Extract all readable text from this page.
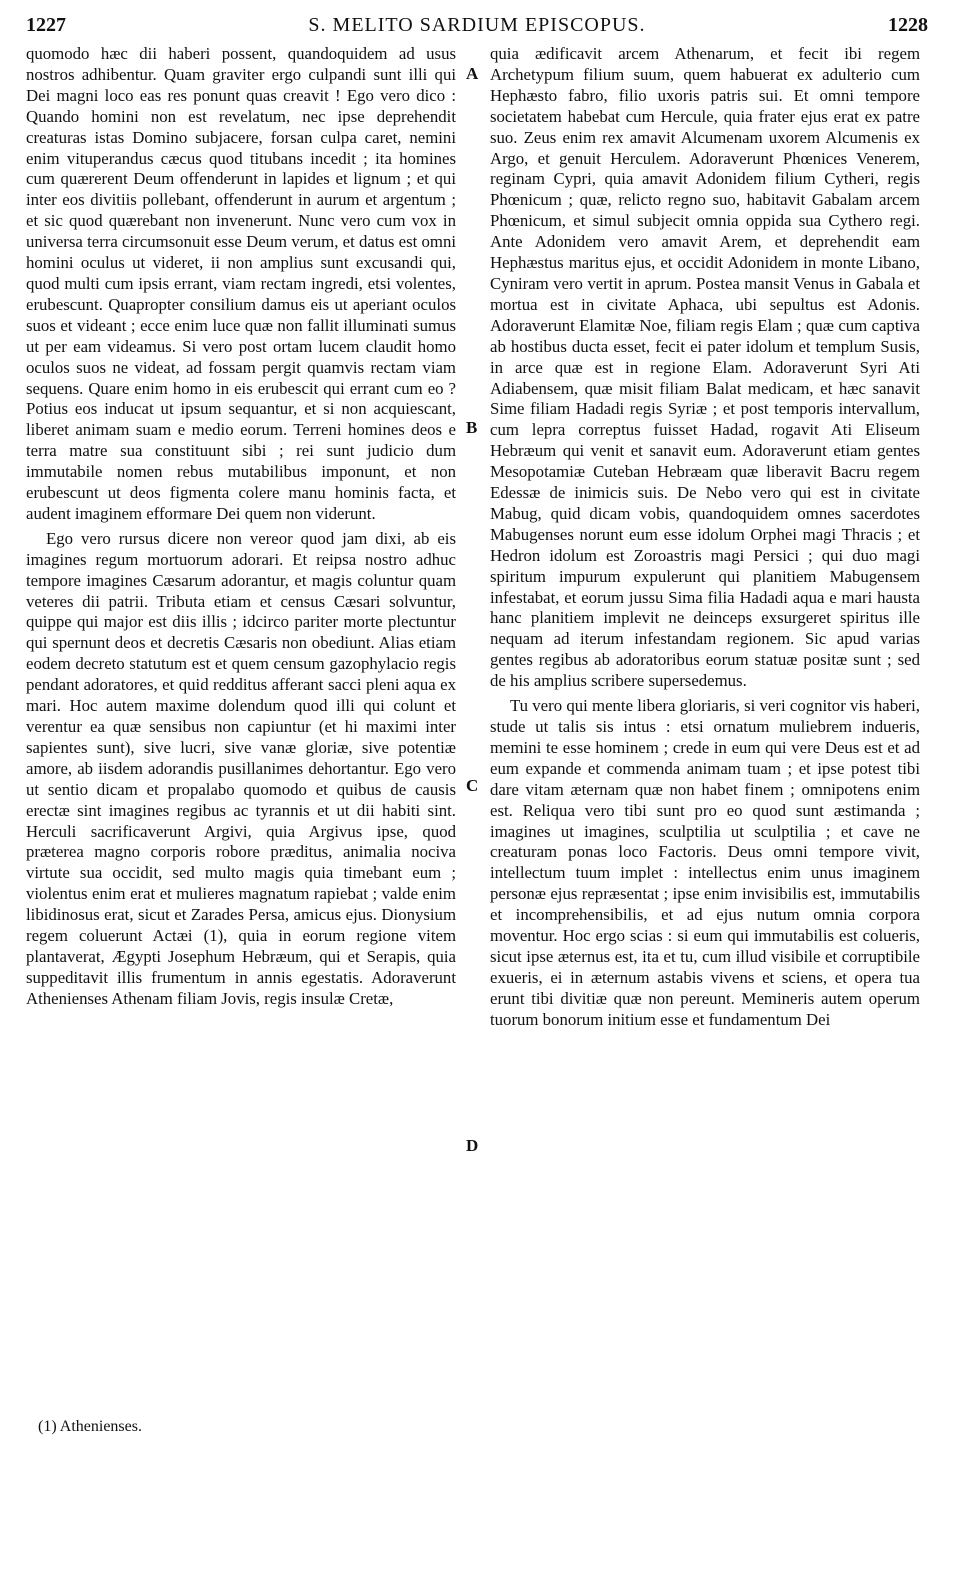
1227	S. MELITO SARDIUM EPISCOPUS.	1228

quomodo hæc dii haberi possent, quandoquidem ad usus nostros adhibentur. Quam graviter ergo culpandi sunt illi qui Dei magni loco eas res ponunt quas creavit ! Ego vero dico : Quando homini non est revelatum, nec ipse deprehendit creaturas istas Domino subjacere, forsan culpa caret, nemini enim vituperandus cæcus quod titubans incedit ; ita homines cum quærerent Deum offenderunt in lapides et lignum ; et qui inter eos divitiis pollebant, offenderunt in aurum et argentum ; et sic quod quærebant non invenerunt. Nunc vero cum vox in universa terra circumsonuit esse Deum verum, et datus est omni homini oculus ut videret, ii non amplius sunt excusandi qui, quod multi cum ipsis errant, viam rectam ingredi, etsi volentes, erubescunt. Quapropter consilium damus eis ut aperiant oculos suos et videant ; ecce enim luce quæ non fallit illuminati sumus ut per eam videamus. Si vero post ortam lucem claudit homo oculos suos ne videat, ad fossam pergit quamvis rectam viam sequens. Quare enim homo in eis erubescit qui errant cum eo ? Potius eos inducat ut ipsum sequantur, et si non acquiescant, liberet animam suam e medio eorum. Terreni homines deos e terra matre sua constituunt sibi ; rei sunt judicio dum immutabile nomen rebus mutabilibus imponunt, et non erubescunt ut deos figmenta colere manu hominis facta, et audent imaginem efformare Dei quem non viderunt.

Ego vero rursus dicere non vereor quod jam dixi, ab eis imagines regum mortuorum adorari. Et reipsa nostro adhuc tempore imagines Cæsarum adorantur, et magis coluntur quam veteres dii patrii. Tributa etiam et census Cæsari solvuntur, quippe qui major est diis illis ; idcirco pariter morte plectuntur qui spernunt deos et decretis Cæsaris non obediunt. Alias etiam eodem decreto statutum est et quem censum gazophylacio regis pendant adoratores, et quid redditus afferant sacci pleni aqua ex mari. Hoc autem maxime dolendum quod illi qui colunt et verentur ea quæ sensibus non capiuntur (et hi maximi inter sapientes sunt), sive lucri, sive vanæ gloriæ, sive potentiæ amore, ab iisdem adorandis pusillanimes dehortantur. Ego vero ut sentio dicam et propalabo quomodo et quibus de causis erectæ sint imagines regibus ac tyrannis et ut dii habiti sint. Herculi sacrificaverunt Argivi, quia Argivus ipse, quod præterea magno corporis robore præditus, animalia nociva virtute sua occidit, sed multo magis quia timebant eum ; violentus enim erat et mulieres magnatum rapiebat ; valde enim libidinosus erat, sicut et Zarades Persa, amicus ejus. Dionysium regem coluerunt Actæi (1), quia in eorum regione vitem plantaverat, Ægypti Josephum Hebræum, qui et Serapis, quia suppeditavit illis frumentum in annis egestatis. Adoraverunt Athenienses Athenam filiam Jovis, regis insulæ Cretæ,

A
B
C
D

quia ædificavit arcem Athenarum, et fecit ibi regem Archetypum filium suum, quem habuerat ex adulterio cum Hephæsto fabro, filio uxoris patris sui. Et omni tempore societatem habebat cum Hercule, quia frater ejus erat ex patre suo. Zeus enim rex amavit Alcumenam uxorem Alcumenis ex Argo, et genuit Herculem. Adoraverunt Phœnices Venerem, reginam Cypri, quia amavit Adonidem filium Cytheri, regis Phœnicum ; quæ, relicto regno suo, habitavit Gabalam arcem Phœnicum, et simul subjecit omnia oppida sua Cythero regi. Ante Adonidem vero amavit Arem, et deprehendit eam Hephæstus maritus ejus, et occidit Adonidem in monte Libano, Cyniram vero vertit in aprum. Postea mansit Venus in Gabala et mortua est in civitate Aphaca, ubi sepultus est Adonis. Adoraverunt Elamitæ Noe, filiam regis Elam ; quæ cum captiva ab hostibus ducta esset, fecit ei pater idolum et templum Susis, in arce quæ est in regione Elam. Adoraverunt Syri Ati Adiabensem, quæ misit filiam Balat medicam, et hæc sanavit Sime filiam Hadadi regis Syriæ ; et post temporis intervallum, cum lepra correptus fuisset Hadad, rogavit Ati Eliseum Hebræum qui venit et sanavit eum. Adoraverunt etiam gentes Mesopotamiæ Cuteban Hebræam quæ liberavit Bacru regem Edessæ de inimicis suis. De Nebo vero qui est in civitate Mabug, quid dicam vobis, quandoquidem omnes sacerdotes Mabugenses norunt eum esse idolum Orphei magi Thracis ; et Hedron idolum est Zoroastris magi Persici ; qui duo magi spiritum impurum expulerunt qui planitiem Mabugensem infestabat, et eorum jussu Sima filia Hadadi aqua e mari hausta hanc planitiem implevit ne deinceps exsurgeret spiritus ille nequam ad iterum infestandam regionem. Sic apud varias gentes regibus ab adoratoribus eorum statuæ positæ sunt ; sed de his amplius scribere supersedemus.

Tu vero qui mente libera gloriaris, si veri cognitor vis haberi, stude ut talis sis intus : etsi ornatum muliebrem indueris, memini te esse hominem ; crede in eum qui vere Deus est et ad eum expande et commenda animam tuam ; et ipse potest tibi dare vitam æternam quæ non habet finem ; omnipotens enim est. Reliqua vero tibi sunt pro eo quod sunt æstimanda ; imagines ut imagines, sculptilia ut sculptilia ; et cave ne creaturam ponas loco Factoris. Deus omni tempore vivit, intellectum tuum implet : intellectus enim unus imaginem personæ ejus repræsentat ; ipse enim invisibilis est, immutabilis et incomprehensibilis, et ad ejus nutum omnia corpora moventur. Hoc ergo scias : si eum qui immutabilis est colueris, sicut ipse æternus est, ita et tu, cum illud visibile et corruptibile exueris, ei in æternum astabis vivens et sciens, et opera tua erunt tibi divitiæ quæ non pereunt. Memineris autem operum tuorum bonorum initium esse et fundamentum Dei

(1) Athenienses.
